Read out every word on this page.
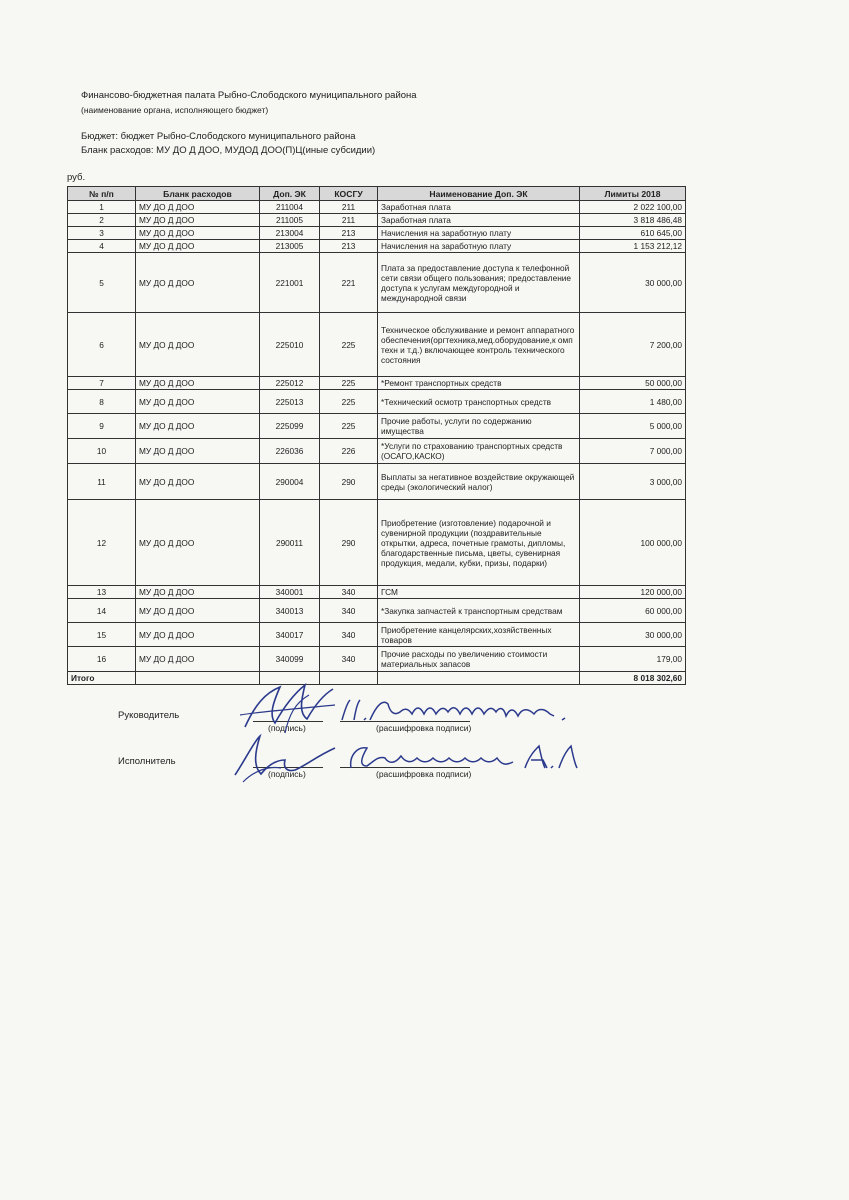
Финансово-бюджетная палата Рыбно-Слободского муниципального района
(наименование органа, исполняющего бюджет)
Бюджет: бюджет Рыбно-Слободского муниципального района
Бланк расходов: МУ ДО Д ДОО, МУДОД ДОО(П)Ц(иные субсидии)
руб.
№ п/п	Бланк расходов	Доп. ЭК	КОСГУ	Наименование Доп. ЭК	Лимиты 2018
1	МУ ДО Д ДОО	211004	211	Заработная плата	2 022 100,00
2	МУ ДО Д ДОО	211005	211	Заработная плата	3 818 486,48
3	МУ ДО Д ДОО	213004	213	Начисления на заработную плату	610 645,00
4	МУ ДО Д ДОО	213005	213	Начисления на заработную плату	1 153 212,12
5	МУ ДО Д ДОО	221001	221	Плата за предоставление доступа к телефонной сети связи общего пользования; предоставление доступа к услугам междугородной и международной связи	30 000,00
6	МУ ДО Д ДОО	225010	225	Техническое обслуживание и ремонт аппаратного обеспечения(оргтехника,мед.оборудование,к омп техн и т.д.) включающее контроль технического состояния	7 200,00
7	МУ ДО Д ДОО	225012	225	*Ремонт транспортных средств	50 000,00
8	МУ ДО Д ДОО	225013	225	*Технический осмотр транспортных средств	1 480,00
9	МУ ДО Д ДОО	225099	225	Прочие работы, услуги по содержанию имущества	5 000,00
10	МУ ДО Д ДОО	226036	226	*Услуги по страхованию транспортных средств (ОСАГО,КАСКО)	7 000,00
11	МУ ДО Д ДОО	290004	290	Выплаты за негативное воздействие окружающей среды (экологический налог)	3 000,00
12	МУ ДО Д ДОО	290011	290	Приобретение (изготовление) подарочной и сувенирной продукции (поздравительные открытки, адреса, почетные грамоты, дипломы, благодарственные письма, цветы, сувенирная продукция, медали, кубки, призы, подарки)	100 000,00
13	МУ ДО Д ДОО	340001	340	ГСМ	120 000,00
14	МУ ДО Д ДОО	340013	340	*Закупка запчастей к транспортным средствам	60 000,00
15	МУ ДО Д ДОО	340017	340	Приобретение канцелярских,хозяйственных товаров	30 000,00
16	МУ ДО Д ДОО	340099	340	Прочие расходы по увеличению стоимости материальных запасов	179,00
Итого					8 018 302,60
Руководитель
(подпись)	(расшифровка подписи)
Исполнитель
(подпись)	(расшифровка подписи)
